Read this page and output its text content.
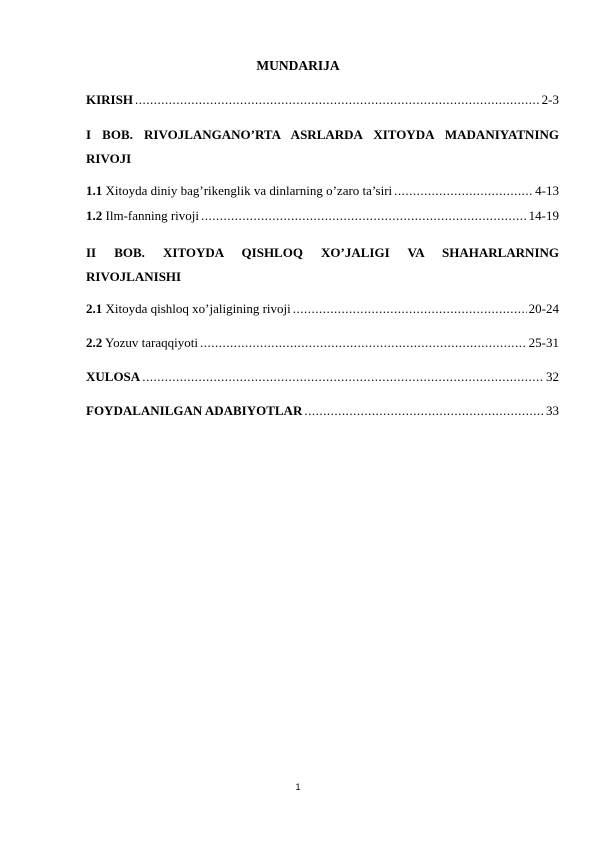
MUNDARIJA
KIRISH .....	2-3
I BOB. RIVOJLANGANO’RTA ASRLARDA XITOYDA MADANIYATNING
RIVOJI
1.1 Xitoyda diniy bag’rikenglik va dinlarning o’zaro ta’siri .....	4-13
1.2 Ilm-fanning rivoji .....	14-19
II BOB. XITOYDA QISHLOQ XO’JALIGI VA SHAHARLARNING
RIVOJLANISHI
2.1 Xitoyda qishloq xo’jaligining rivoji .....	20-24
2.2 Yozuv taraqqiyoti .....	25-31
XULOSA .....	32
FOYDALANILGAN ADABIYOTLAR .....	33
1
